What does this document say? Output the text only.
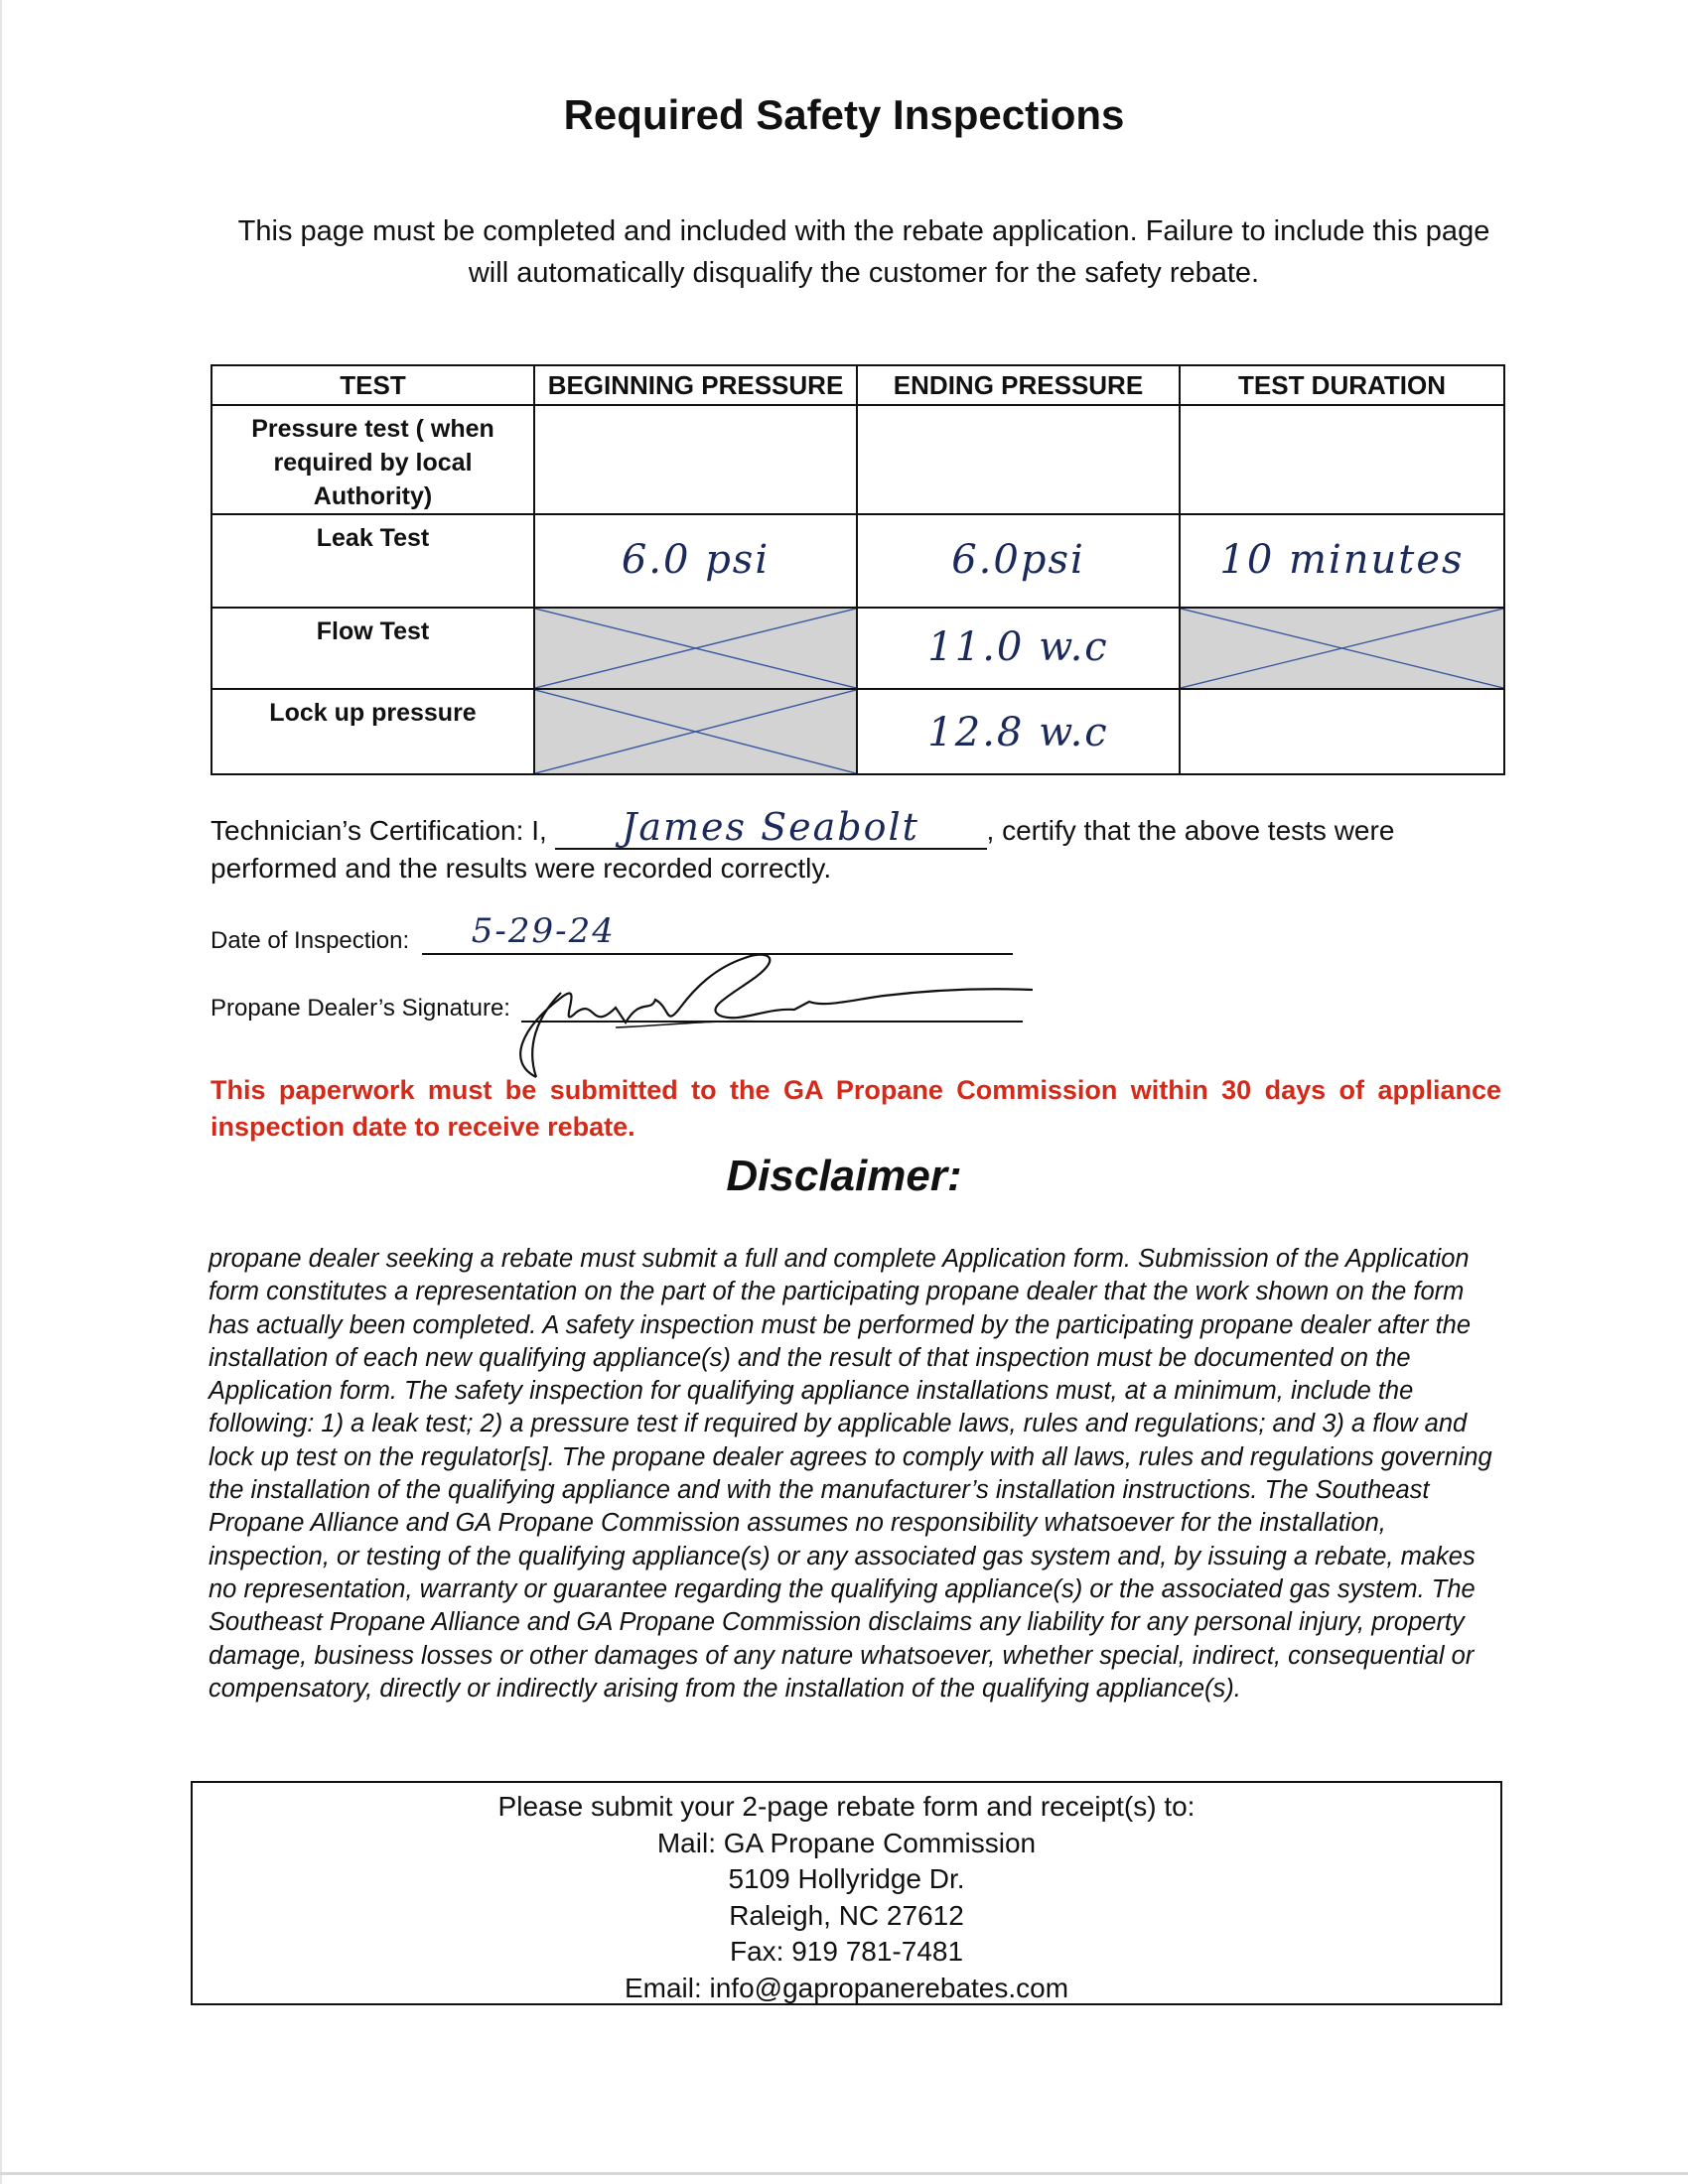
Required Safety Inspections
This page must be completed and included with the rebate application. Failure to include this page will automatically disqualify the customer for the safety rebate.
TEST	BEGINNING PRESSURE	ENDING PRESSURE	TEST DURATION
Pressure test ( when required by local Authority)	

Leak Test	6.0 psi	6.0psi	10 minutes

Flow Test		11.0 w.c

Lock up pressure		12.8 w.c	

Technician’s Certification: I,	James Seabolt	, certify that the above tests were performed and the results were recorded correctly.
Date of Inspection: 5-29-24
Propane Dealer’s Signature:
This paperwork must be submitted to the GA Propane Commission within 30 days of appliance inspection date to receive rebate.
Disclaimer:
propane dealer seeking a rebate must submit a full and complete Application form. Submission of the Application form constitutes a representation on the part of the participating propane dealer that the work shown on the form has actually been completed. A safety inspection must be performed by the participating propane dealer after the installation of each new qualifying appliance(s) and the result of that inspection must be documented on the Application form. The safety inspection for qualifying appliance installations must, at a minimum, include the following: 1) a leak test; 2) a pressure test if required by applicable laws, rules and regulations; and 3) a flow and lock up test on the regulator[s]. The propane dealer agrees to comply with all laws, rules and regulations governing the installation of the qualifying appliance and with the manufacturer’s installation instructions. The Southeast Propane Alliance and GA Propane Commission assumes no responsibility whatsoever for the installation, inspection, or testing of the qualifying appliance(s) or any associated gas system and, by issuing a rebate, makes no representation, warranty or guarantee regarding the qualifying appliance(s) or the associated gas system. The Southeast Propane Alliance and GA Propane Commission disclaims any liability for any personal injury, property damage, business losses or other damages of any nature whatsoever, whether special, indirect, consequential or compensatory, directly or indirectly arising from the installation of the qualifying appliance(s).
Please submit your 2-page rebate form and receipt(s) to:
Mail: GA Propane Commission
5109 Hollyridge Dr.
Raleigh, NC 27612
Fax: 919 781-7481
Email: info@gapropanerebates.com
